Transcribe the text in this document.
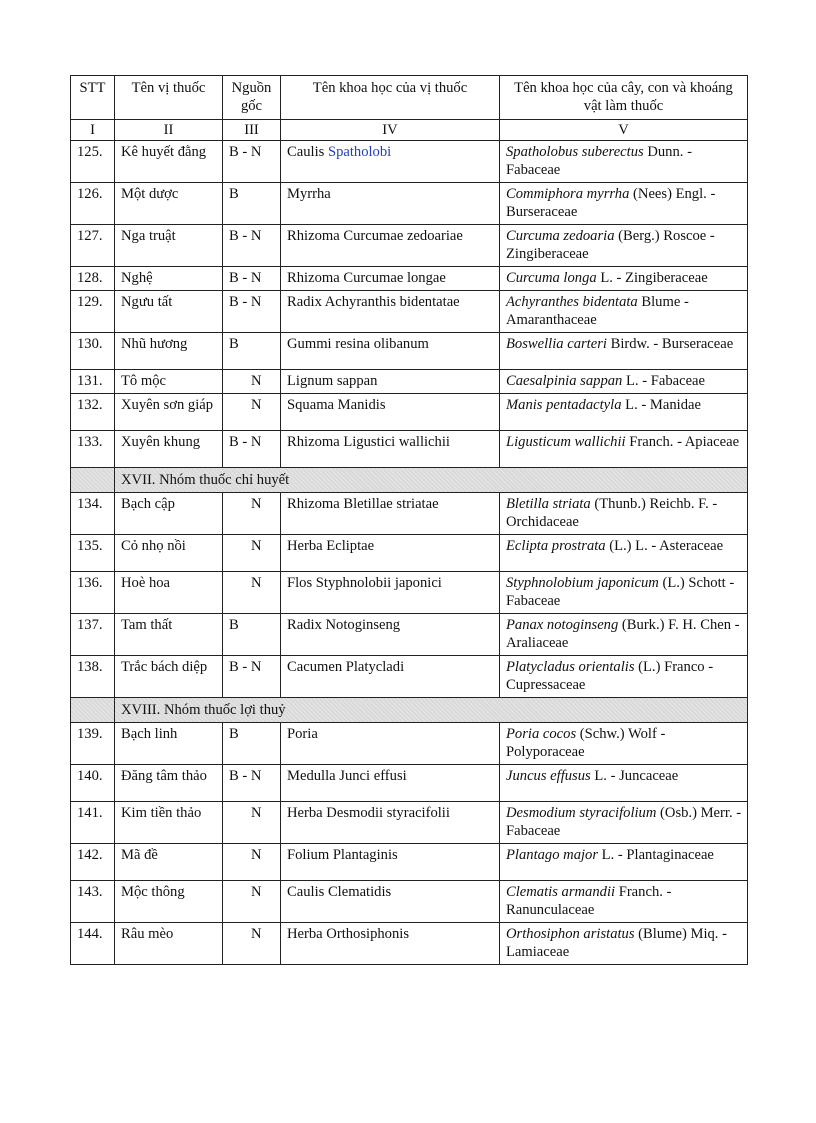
STT	Tên vị thuốc	Nguồn gốc	Tên khoa học của vị thuốc	Tên khoa học của cây, con và khoáng vật làm thuốc
I	II	III	IV	V
125.	Kê huyết đằng	B - N	Caulis Spatholobi	Spatholobus suberectus Dunn. - Fabaceae
126.	Một dược	B	Myrrha	Commiphora myrrha (Nees) Engl. - Burseraceae
127.	Nga truật	B - N	Rhizoma Curcumae zedoariae	Curcuma zedoaria (Berg.) Roscoe - Zingiberaceae
128.	Nghệ	B - N	Rhizoma Curcumae longae	Curcuma longa L. - Zingiberaceae
129.	Ngưu tất	B - N	Radix Achyranthis bidentatae	Achyranthes bidentata Blume - Amaranthaceae
130.	Nhũ hương	B	Gummi resina olibanum	Boswellia carteri Birdw. - Burseraceae
131.	Tô mộc	N	Lignum sappan	Caesalpinia sappan L. - Fabaceae
132.	Xuyên sơn giáp	N	Squama Manidis	Manis pentadactyla L. - Manidae
133.	Xuyên khung	B - N	Rhizoma Ligustici wallichii	Ligusticum wallichii Franch. - Apiaceae
	XVII. Nhóm thuốc chỉ huyết			
134.	Bạch cập	N	Rhizoma Bletillae striatae	Bletilla striata (Thunb.) Reichb. F. - Orchidaceae
135.	Cỏ nhọ nồi	N	Herba Ecliptae	Eclipta prostrata (L.) L. - Asteraceae
136.	Hoè hoa	N	Flos Styphnolobii japonici	Styphnolobium japonicum (L.) Schott - Fabaceae
137.	Tam thất	B	Radix Notoginseng	Panax notoginseng (Burk.) F. H. Chen - Araliaceae
138.	Trắc bách diệp	B - N	Cacumen Platycladi	Platycladus orientalis (L.) Franco - Cupressaceae
	XVIII. Nhóm thuốc lợi thuỷ			
139.	Bạch linh	B	Poria	Poria cocos (Schw.) Wolf - Polyporaceae
140.	Đăng tâm thảo	B - N	Medulla Junci effusi	Juncus effusus L. - Juncaceae
141.	Kim tiền thảo	N	Herba Desmodii styracifolii	Desmodium styracifolium (Osb.) Merr. - Fabaceae
142.	Mã đề	N	Folium Plantaginis	Plantago major L. - Plantaginaceae
143.	Mộc thông	N	Caulis Clematidis	Clematis armandii Franch. - Ranunculaceae
144.	Râu mèo	N	Herba Orthosiphonis	Orthosiphon aristatus (Blume) Miq. - Lamiaceae
